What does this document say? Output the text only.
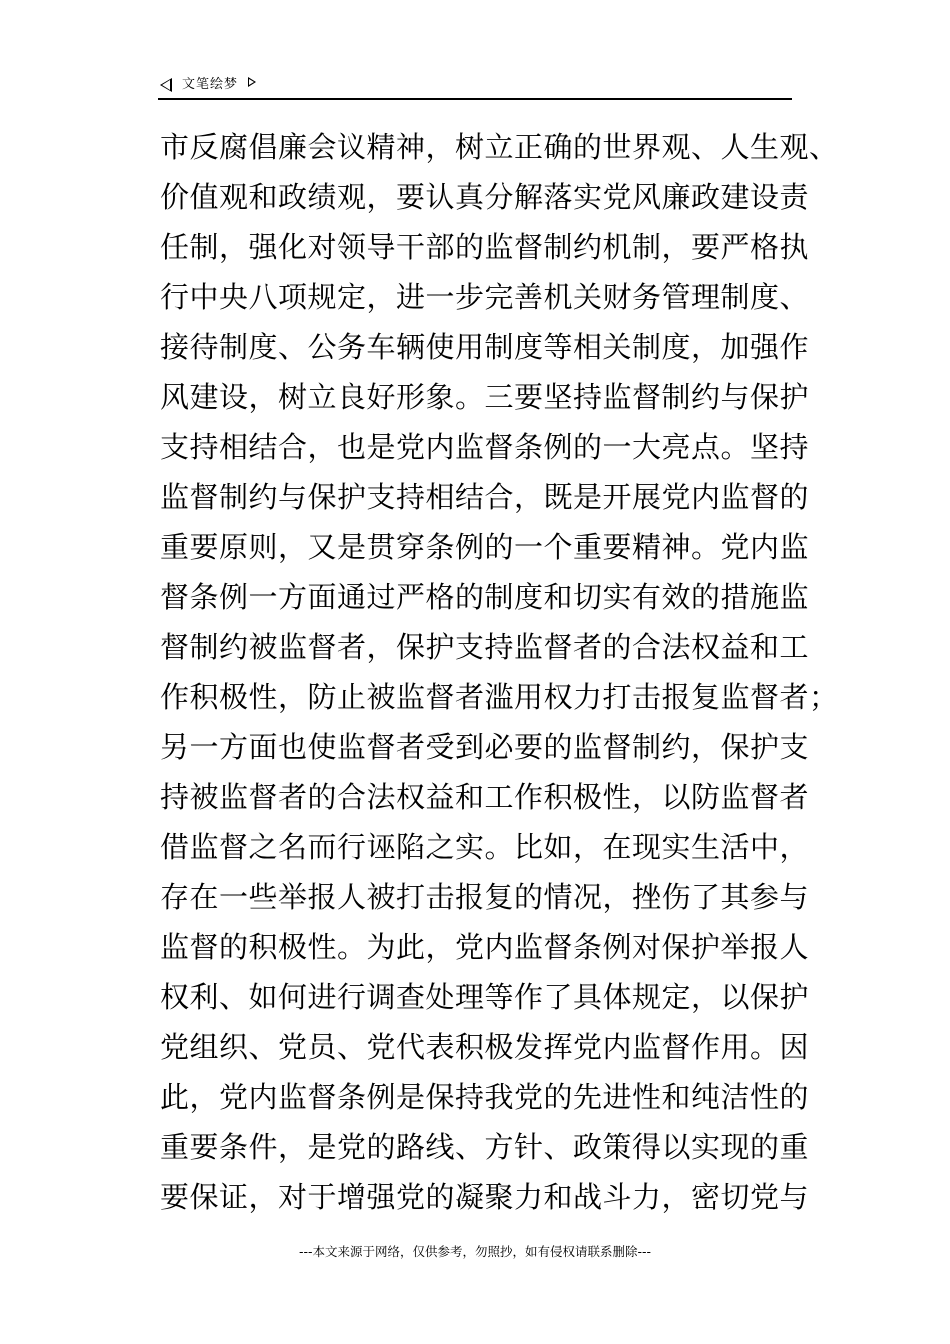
文笔绘梦
市反腐倡廉会议精神，树立正确的世界观、人生观、
价值观和政绩观，要认真分解落实党风廉政建设责
任制，强化对领导干部的监督制约机制，要严格执
行中央八项规定，进一步完善机关财务管理制度、
接待制度、公务车辆使用制度等相关制度，加强作
风建设，树立良好形象。三要坚持监督制约与保护
支持相结合，也是党内监督条例的一大亮点。坚持
监督制约与保护支持相结合，既是开展党内监督的
重要原则，又是贯穿条例的一个重要精神。党内监
督条例一方面通过严格的制度和切实有效的措施监
督制约被监督者，保护支持监督者的合法权益和工
作积极性，防止被监督者滥用权力打击报复监督者；
另一方面也使监督者受到必要的监督制约，保护支
持被监督者的合法权益和工作积极性，以防监督者
借监督之名而行诬陷之实。比如，在现实生活中，
存在一些举报人被打击报复的情况，挫伤了其参与
监督的积极性。为此，党内监督条例对保护举报人
权利、如何进行调查处理等作了具体规定，以保护
党组织、党员、党代表积极发挥党内监督作用。因
此，党内监督条例是保持我党的先进性和纯洁性的
重要条件，是党的路线、方针、政策得以实现的重
要保证，对于增强党的凝聚力和战斗力，密切党与
---本文来源于网络，仅供参考，勿照抄，如有侵权请联系删除---
